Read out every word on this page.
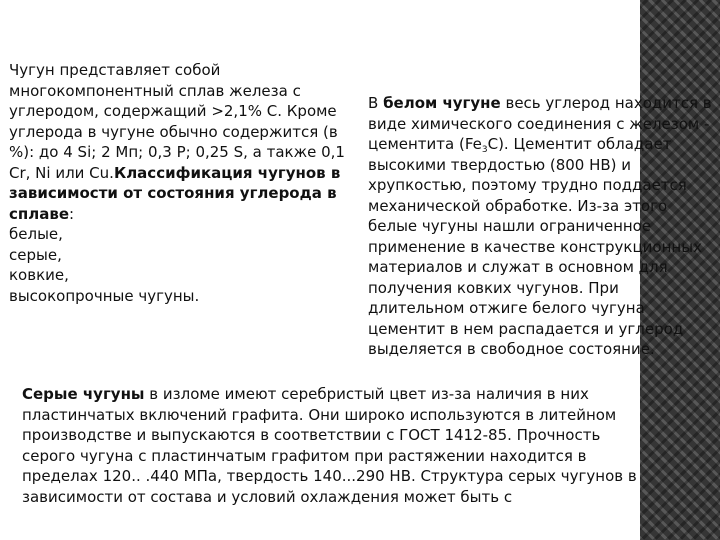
Чугун представляет собой многокомпонентный сплав железа с углеродом, содержащий >2,1% С. Кроме углерода в чугуне обычно содержится (в %): до 4 Si; 2 Мп; 0,3 Р; 0,25 S, а также 0,1 Cr, Ni или Cu.Классификация чугунов в зависимости от состояния углерода в сплаве:

белые,

серые,

ковкие,

высокопрочные чугуны.

В белом чугуне весь углерод находится в виде химического соединения с железом - цементита $(Fe_3С)$. Цементит обладает высокими твердостью (800 НВ) и хрупкостью, поэтому трудно поддается механической обработке. Из-за этого белые чугуны нашли ограниченное применение в качестве конструкционных материалов и служат в основном для получения ковких чугунов. При длительном отжиге белого чугуна цементит в нем распадается и углерод выделяется в свободное состояние.

Серые чугуны в изломе имеют серебристый цвет из-за наличия в них пластинчатых включений графита. Они широко используются в литейном производстве и выпускаются в соответствии с ГОСТ 1412-85. Прочность серого чугуна с пластинчатым графитом при растяжении находится в пределах 120.. .440 МПа, твердость 140...290 НВ. Структура серых чугунов в зависимости от состава и условий охлаждения может быть с
